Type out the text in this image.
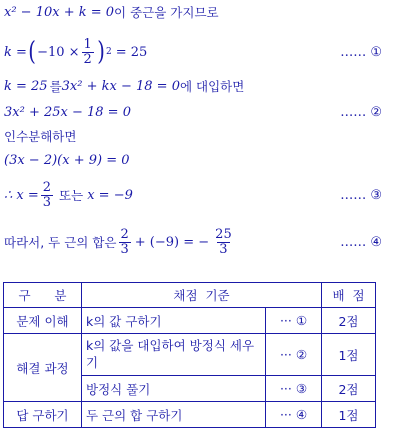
x² − 10x + k = 0 이 중근을 가지므로
k = ( $-10 \times \frac{1}{2}$ ) 2 = 25	…… ①
k = 25 를 3x² + kx − 18 = 0 에 대입하면
3x² + 25x − 18 = 0	…… ②
인수분해하면
(3x − 2)(x + 9) = 0
∴ $x = \frac{2}{3}$ 또는 x = −9	…… ③
따라서, 두 근의 합은 $\frac{2}{3} + (-9)$ = − $\frac{25}{3}$	…… ④
구      분	채점  기준		배  점
문제 이해	k의 값 구하기	··· ①	2점
해결 과정	k의 값을 대입하여 방정식 세우기	··· ②	1점
	방정식 풀기	··· ③	2점
답 구하기	두 근의 합 구하기	··· ④	1점
